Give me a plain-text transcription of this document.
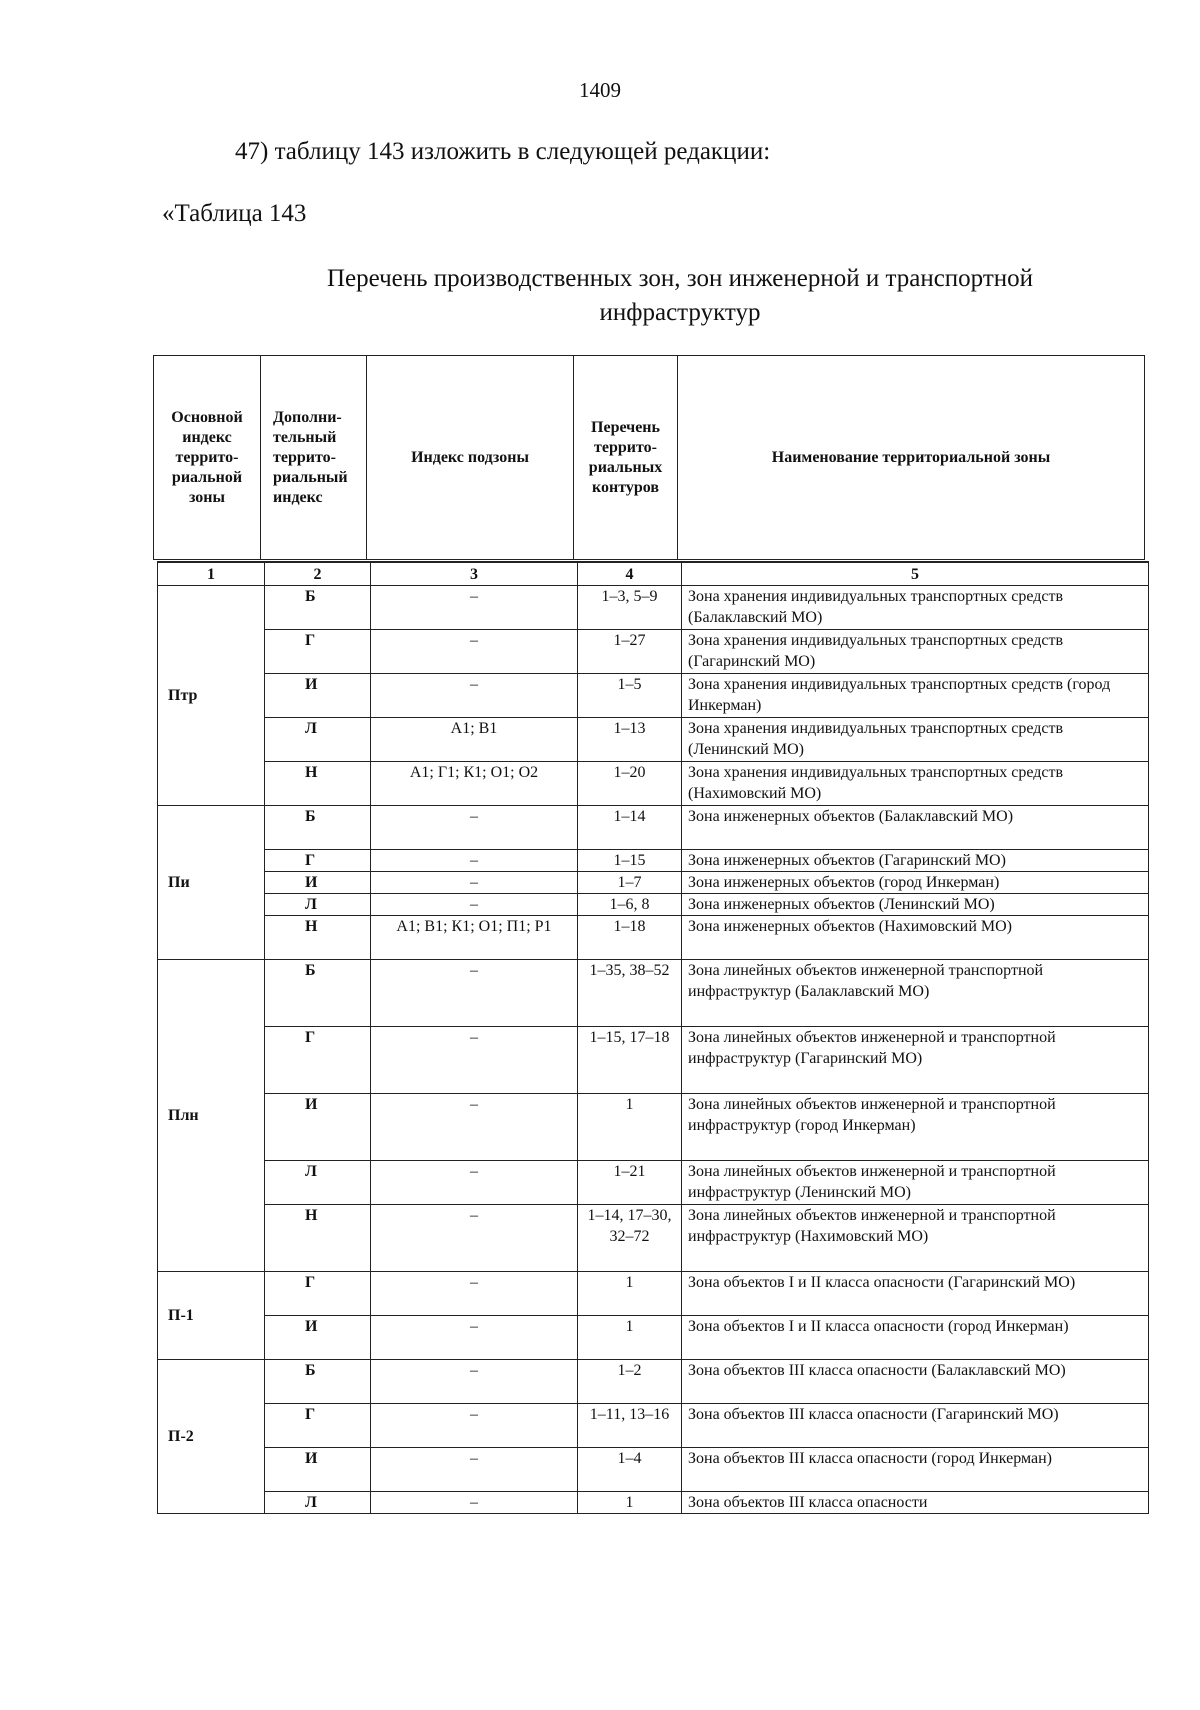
1409
47) таблицу 143 изложить в следующей редакции:
«Таблица 143
Перечень производственных зон, зон инженерной и транспортной
инфраструктур
Основной индекс террито-риальной зоны	Дополни-тельный террито-риальный индекс	Индекс подзоны	Перечень террито-риальных контуров	Наименование территориальной зоны
1	2	3	4	5
Птр	Б	–	1–3, 5–9	Зона хранения индивидуальных транспортных средств (Балаклавский МО)
	Г	–	1–27	Зона хранения индивидуальных транспортных средств (Гагаринский МО)
	И	–	1–5	Зона хранения индивидуальных транспортных средств (город Инкерман)
	Л	А1; В1	1–13	Зона хранения индивидуальных транспортных средств (Ленинский МО)
	Н	А1; Г1; К1; О1; О2	1–20	Зона хранения индивидуальных транспортных средств (Нахимовский МО)
Пи	Б	–	1–14	Зона инженерных объектов (Балаклавский МО)
	Г	–	1–15	Зона инженерных объектов (Гагаринский МО)
	И	–	1–7	Зона инженерных объектов (город Инкерман)
	Л	–	1–6, 8	Зона инженерных объектов (Ленинский МО)
	Н	А1; В1; К1; О1; П1; Р1	1–18	Зона инженерных объектов (Нахимовский МО)
Плн	Б	–	1–35, 38–52	Зона линейных объектов инженерной транспортной инфраструктур (Балаклавский МО)
	Г	–	1–15, 17–18	Зона линейных объектов инженерной и транспортной инфраструктур (Гагаринский МО)
	И	–	1	Зона линейных объектов инженерной и транспортной инфраструктур (город Инкерман)
	Л	–	1–21	Зона линейных объектов инженерной и транспортной инфраструктур (Ленинский МО)
	Н	–	1–14, 17–30, 32–72	Зона линейных объектов инженерной и транспортной инфраструктур (Нахимовский МО)
П-1	Г	–	1	Зона объектов I и II класса опасности (Гагаринский МО)
	И	–	1	Зона объектов I и II класса опасности (город Инкерман)
П-2	Б	–	1–2	Зона объектов III класса опасности (Балаклавский МО)
	Г	–	1–11, 13–16	Зона объектов III класса опасности (Гагаринский МО)
	И	–	1–4	Зона объектов III класса опасности (город Инкерман)
	Л	–	1	Зона объектов III класса опасности
